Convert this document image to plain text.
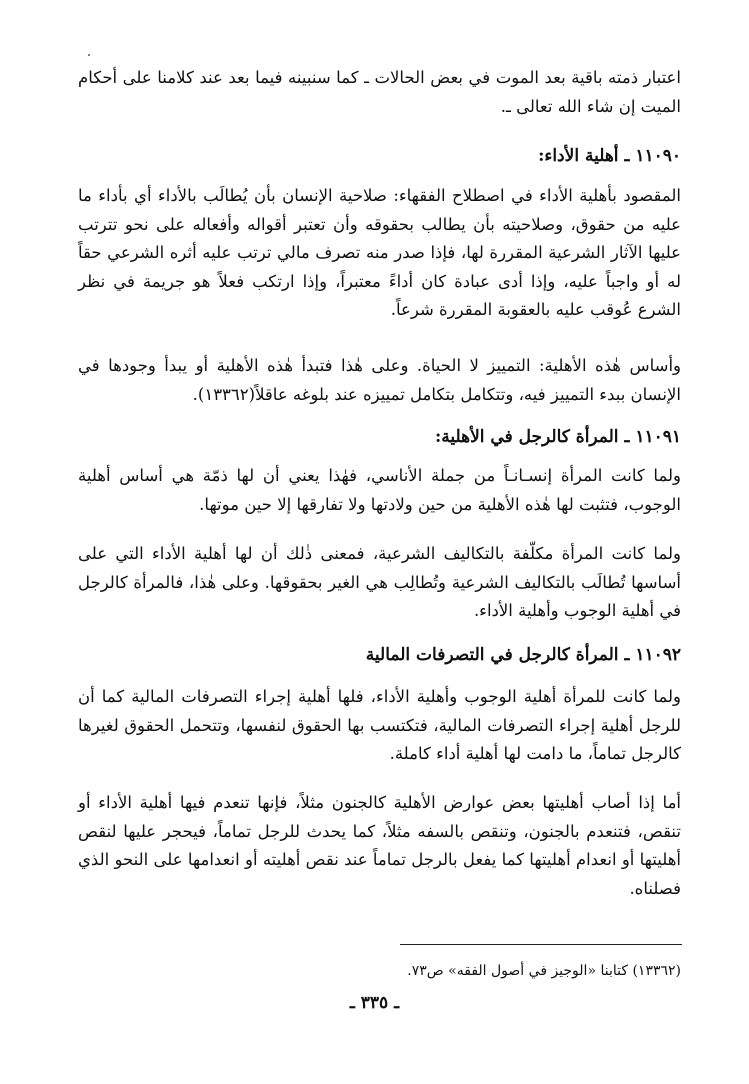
اعتبار ذمته باقية بعد الموت في بعض الحالات ـ كما سنبينه فيما بعد عند كلامنا على أحكام الميت إن شاء الله تعالى ـ.

١١٠٩٠ ـ أهلية الأداء:

المقصود بأهلية الأداء في اصطلاح الفقهاء: صلاحية الإنسان بأن يُطالَب بالأداء أي بأداء ما عليه من حقوق، وصلاحيته بأن يطالب بحقوقه وأن تعتبر أقواله وأفعاله على نحو تترتب عليها الآثار الشرعية المقررة لها، فإذا صدر منه تصرف مالي ترتب عليه أثره الشرعي حقاً له أو واجباً عليه، وإذا أدى عبادة كان أداءً معتبراً، وإذا ارتكب فعلاً هو جريمة في نظر الشرع عُوقب عليه بالعقوبة المقررة شرعاً.

وأساس هٰذه الأهلية: التمييز لا الحياة. وعلى هٰذا فتبدأ هٰذه الأهلية أو يبدأ وجودها في الإنسان ببدء التمييز فيه، وتتكامل بتكامل تمييزه عند بلوغه عاقلاً(١٣٣٦٢).

١١٠٩١ ـ المرأة كالرجل في الأهلية:

ولما كانت المرأة إنسـانـاً من جملة الأناسي، فهٰذا يعني أن لها ذمّة هي أساس أهلية الوجوب، فتثبت لها هٰذه الأهلية من حين ولادتها ولا تفارقها إلا حين موتها.

ولما كانت المرأة مكلّفة بالتكاليف الشرعية، فمعنى ذٰلك أن لها أهلية الأداء التي على أساسها تُطالَب بالتكاليف الشرعية وتُطالِب هي الغير بحقوقها. وعلى هٰذا، فالمرأة كالرجل في أهلية الوجوب وأهلية الأداء.

١١٠٩٢ ـ المرأة كالرجل في التصرفات المالية

ولما كانت للمرأة أهلية الوجوب وأهلية الأداء، فلها أهلية إجراء التصرفات المالية كما أن للرجل أهلية إجراء التصرفات المالية، فتكتسب بها الحقوق لنفسها، وتتحمل الحقوق لغيرها كالرجل تماماً، ما دامت لها أهلية أداء كاملة.

أما إذا أصاب أهليتها بعض عوارض الأهلية كالجنون مثلاً، فإنها تنعدم فيها أهلية الأداء أو تنقص، فتنعدم بالجنون، وتنقص بالسفه مثلاً، كما يحدث للرجل تماماً، فيحجر عليها لنقص أهليتها أو انعدام أهليتها كما يفعل بالرجل تماماً عند نقص أهليته أو انعدامها على النحو الذي فصلناه.

(١٣٣٦٢) كتابنا «الوجيز في أصول الفقه» ص٧٣.

ـ ٣٣٥ ـ
